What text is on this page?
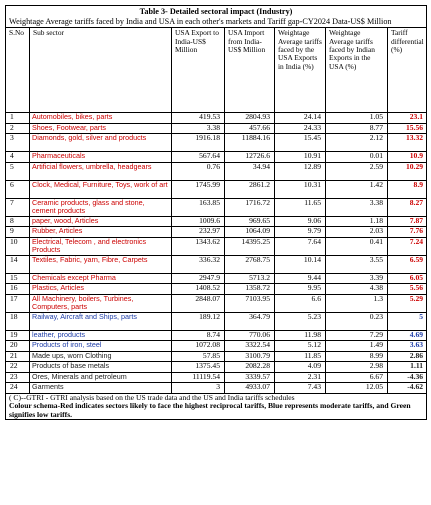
Table 3- Detailed sectoral impact (Industry)
Weightage Average tariffs faced by India and USA in each other's markets and Tariff gap-CY2024 Data-US$ Million						

S.No	Sub sector	USA Export to India-US$ Million	USA Import from India-US$ Million	Weightage Average tariffs faced by the USA Exports in India (%)	Weightage Average tariffs faced by Indian Exports in the USA (%)	Tariff differential (%)
1	Automobiles, bikes, parts	419.53	2804.93	24.14	1.05	23.1
2	Shoes, Footwear, parts	3.38	457.66	24.33	8.77	15.56
3	Diamonds, gold, silver and products	1916.18	11884.16	15.45	2.12	13.32
4	Pharmaceuticals	567.64	12726.6	10.91	0.01	10.9
5	Artificial flowers, umbrella, headgears	0.76	34.94	12.89	2.59	10.29
6	Clock, Medical, Furniture, Toys, work of art	1745.99	2861.2	10.31	1.42	8.9
7	Ceramic products, glass and stone, cement products	163.85	1716.72	11.65	3.38	8.27
8	paper, wood, Articles	1009.6	969.65	9.06	1.18	7.87
9	Rubber, Articles	232.97	1064.09	9.79	2.03	7.76
10	Electrical, Telecom , and electronics Products	1343.62	14395.25	7.64	0.41	7.24
14	Textiles, Fabric, yarn, Fibre, Carpets	336.32	2768.75	10.14	3.55	6.59
15	Chemicals except Pharma	2947.9	5713.2	9.44	3.39	6.05
16	Plastics, Articles	1408.52	1358.72	9.95	4.38	5.56
17	All Machinery, boilers, Turbines, Computers, parts	2848.07	7103.95	6.6	1.3	5.29
18	Railway, Aircraft and Ships, parts	189.12	364.79	5.23	0.23	5
19	leather, products	8.74	770.06	11.98	7.29	4.69
20	Products of iron, steel	1072.08	3322.54	5.12	1.49	3.63
21	Made ups, worn Clothing	57.85	3100.79	11.85	8.99	2.86
22	Products of base metals	1375.45	2082.28	4.09	2.98	1.11
23	Ores, Minerals and petroleum	11119.54	3339.57	2.31	6.67	-4.36
24	Garments	3	4933.07	7.43	12.05	-4.62

( C)--GTRI - GTRI analysis based on the US trade data and the US and India tariffs schedules
Colour schema-Red indicates sectors likely to face the highest reciprocal tariffs, Blue represents moderate tariffs, and Green signifies low tariffs.						
